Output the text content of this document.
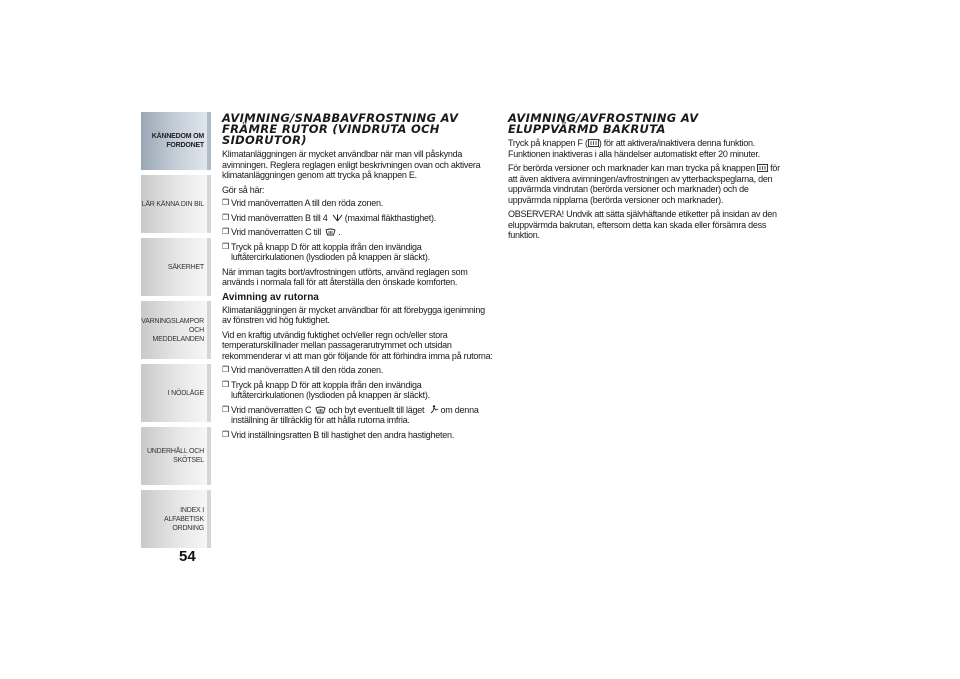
KÄNNEDOM OM
FORDONET
LÄR KÄNNA DIN BIL
SÄKERHET
VARNINGSLAMPOR
OCH MEDDELANDEN
I NÖDLÄGE
UNDERHÅLL OCH
SKÖTSEL
INDEX I ALFABETISK
ORDNING
54
AVIMNING/SNABBAVFROSTNING AV FRÄMRE RUTOR (VINDRUTA OCH SIDORUTOR)

Klimatanläggningen är mycket användbar när man vill påskynda avimningen. Reglera reglagen enligt beskrivningen ovan och aktivera klimatanläggningen genom att trycka på knappen E.

Gör så här:

❒ Vrid manöverratten A till den röda zonen.
❒ Vrid manöverratten B till 4 (maximal fläkthastighet).
❒ Vrid manöverratten C till .
❒ Tryck på knapp D för att koppla ifrån den invändiga luftåtercirkulationen (lysdioden på knappen är släckt).

När imman tagits bort/avfrostningen utförts, använd reglagen som används i normala fall för att återställa den önskade komforten.

Avimning av rutorna

Klimatanläggningen är mycket användbar för att förebygga igenimning av fönstren vid hög fuktighet.

Vid en kraftig utvändig fuktighet och/eller regn och/eller stora temperaturskillnader mellan passagerarutrymmet och utsidan rekommenderar vi att man gör följande för att förhindra imma på rutorna:

❒ Vrid manöverratten A till den röda zonen.
❒ Tryck på knapp D för att koppla ifrån den invändiga luftåtercirkulationen (lysdioden på knappen är släckt).
❒ Vrid manöverratten C och byt eventuellt till läget om denna inställning är tillräcklig för att hålla rutorna imfria.
❒ Vrid inställningsratten B till hastighet den andra hastigheten.
AVIMNING/AVFROSTNING AV ELUPPVÄRMD BAKRUTA

Tryck på knappen F ( ) för att aktivera/inaktivera denna funktion. Funktionen inaktiveras i alla händelser automatiskt efter 20 minuter.

För berörda versioner och marknader kan man trycka på knappen för att även aktivera avimningen/avfrostningen av ytterbackspeglarna, den uppvärmda vindrutan (berörda versioner och marknader) och de uppvärmda nipplarna (berörda versioner och marknader).

OBSERVERA! Undvik att sätta självhäftande etiketter på insidan av den eluppvärmda bakrutan, eftersom detta kan skada eller försämra dess funktion.
